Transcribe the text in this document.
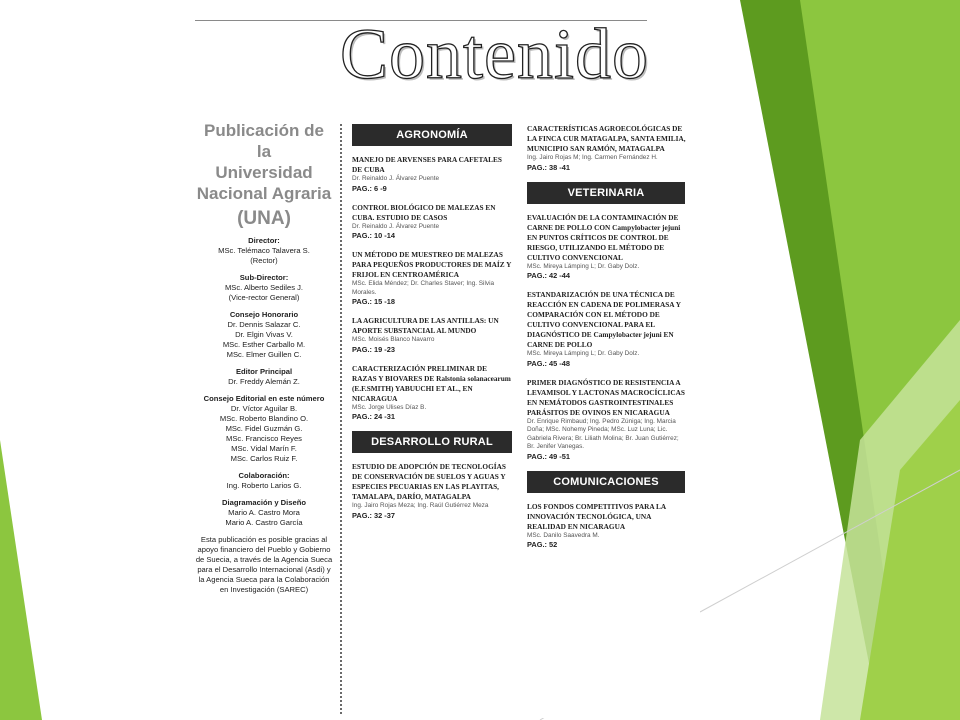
Contenido
Publicación de la
Universidad
Nacional Agraria
(UNA)
Director:
MSc. Telémaco Talavera S.
(Rector)
Sub-Director:
MSc. Alberto Sediles J.
(Vice-rector General)
Consejo Honorario
Dr. Dennis Salazar C.
Dr. Elgin Vivas V.
MSc. Esther Carballo M.
MSc. Elmer Guillen C.
Editor Principal
Dr. Freddy Alemán Z.
Consejo Editorial en este número
Dr. Víctor Aguilar B.
MSc. Roberto Blandino O.
MSc. Fidel Guzmán G.
MSc. Francisco Reyes
MSc. Vidal Marín F.
MSc. Carlos Ruiz F.
Colaboración:
Ing. Roberto Larios G.
Diagramación y Diseño
Mario A. Castro Mora
Mario A. Castro García
Esta publicación es posible gracias al apoyo financiero del Pueblo y Gobierno de Suecia, a través de la Agencia Sueca para el Desarrollo Internacional (Asdi) y la Agencia Sueca para la Colaboración en Investigación (SAREC)
AGRONOMÍA
MANEJO DE ARVENSES PARA CAFETALES DE CUBA
Dr. Reinaldo J. Álvarez Puente
PAG.: 6 -9
CONTROL BIOLÓGICO DE MALEZAS EN CUBA. ESTUDIO DE CASOS
Dr. Reinaldo J. Álvarez Puente
PAG.: 10 -14
UN MÉTODO DE MUESTREO DE MALEZAS PARA PEQUEÑOS PRODUCTORES DE MAÍZ Y FRIJOL EN CENTROAMÉRICA
MSc. Elida Méndez; Dr. Charles Staver; Ing. Silvia Morales.
PAG.: 15 -18
LA AGRICULTURA DE LAS ANTILLAS: UN APORTE SUBSTANCIAL AL MUNDO
MSc. Moisés Blanco Navarro
PAG.: 19 -23
CARACTERIZACIÓN PRELIMINAR DE RAZAS Y BIOVARES DE Ralstonia solanacearum (E.F.SMITH) YABUUCHI ET AL., EN NICARAGUA
MSc. Jorge Ulises Díaz B.
PAG.: 24 -31
DESARROLLO RURAL
ESTUDIO DE ADOPCIÓN DE TECNOLOGÍAS DE CONSERVACIÓN DE SUELOS Y AGUAS Y ESPECIES PECUARIAS EN LAS PLAYITAS, TAMALAPA, DARÍO, MATAGALPA
Ing. Jairo Rojas Meza; Ing. Raúl Gutiérrez Meza
PAG.: 32 -37
CARACTERÍSTICAS AGROECOLÓGICAS DE LA FINCA CUR MATAGALPA, SANTA EMILIA, MUNICIPIO SAN RAMÓN, MATAGALPA
Ing. Jairo Rojas M; Ing. Carmen Fernández H.
PAG.: 38 -41
VETERINARIA
EVALUACIÓN DE LA CONTAMINACIÓN DE CARNE DE POLLO CON Campylobacter jejuni EN PUNTOS CRÍTICOS DE CONTROL DE RIESGO, UTILIZANDO EL MÉTODO DE CULTIVO CONVENCIONAL
MSc. Mireya Lámping L; Dr. Gaby Dolz.
PAG.: 42 -44
ESTANDARIZACIÓN DE UNA TÉCNICA DE REACCIÓN EN CADENA DE POLIMERASA Y COMPARACIÓN CON EL MÉTODO DE CULTIVO CONVENCIONAL PARA EL DIAGNÓSTICO DE Campylobacter jejuni EN CARNE DE POLLO
MSc. Mireya Lámping L; Dr. Gaby Dolz.
PAG.: 45 -48
PRIMER DIAGNÓSTICO DE RESISTENCIA A LEVAMISOL Y LACTONAS MACROCÍCLICAS EN NEMÁTODOS GASTROINTESTINALES PARÁSITOS DE OVINOS EN NICARAGUA
Dr. Enrique Rimbaud; Ing. Pedro Zúniga; Ing. Marcia Doña; MSc. Nohemy Pineda; MSc. Luz Luna; Lic. Gabriela Rivera; Br. Liliath Molina; Br. Juan Gutiérrez; Br. Jenifer Vanegas.
PAG.: 49 -51
COMUNICACIONES
LOS FONDOS COMPETITIVOS PARA LA INNOVACIÓN TECNOLÓGICA, UNA REALIDAD EN NICARAGUA
MSc. Danilo Saavedra M.
PAG.: 52
